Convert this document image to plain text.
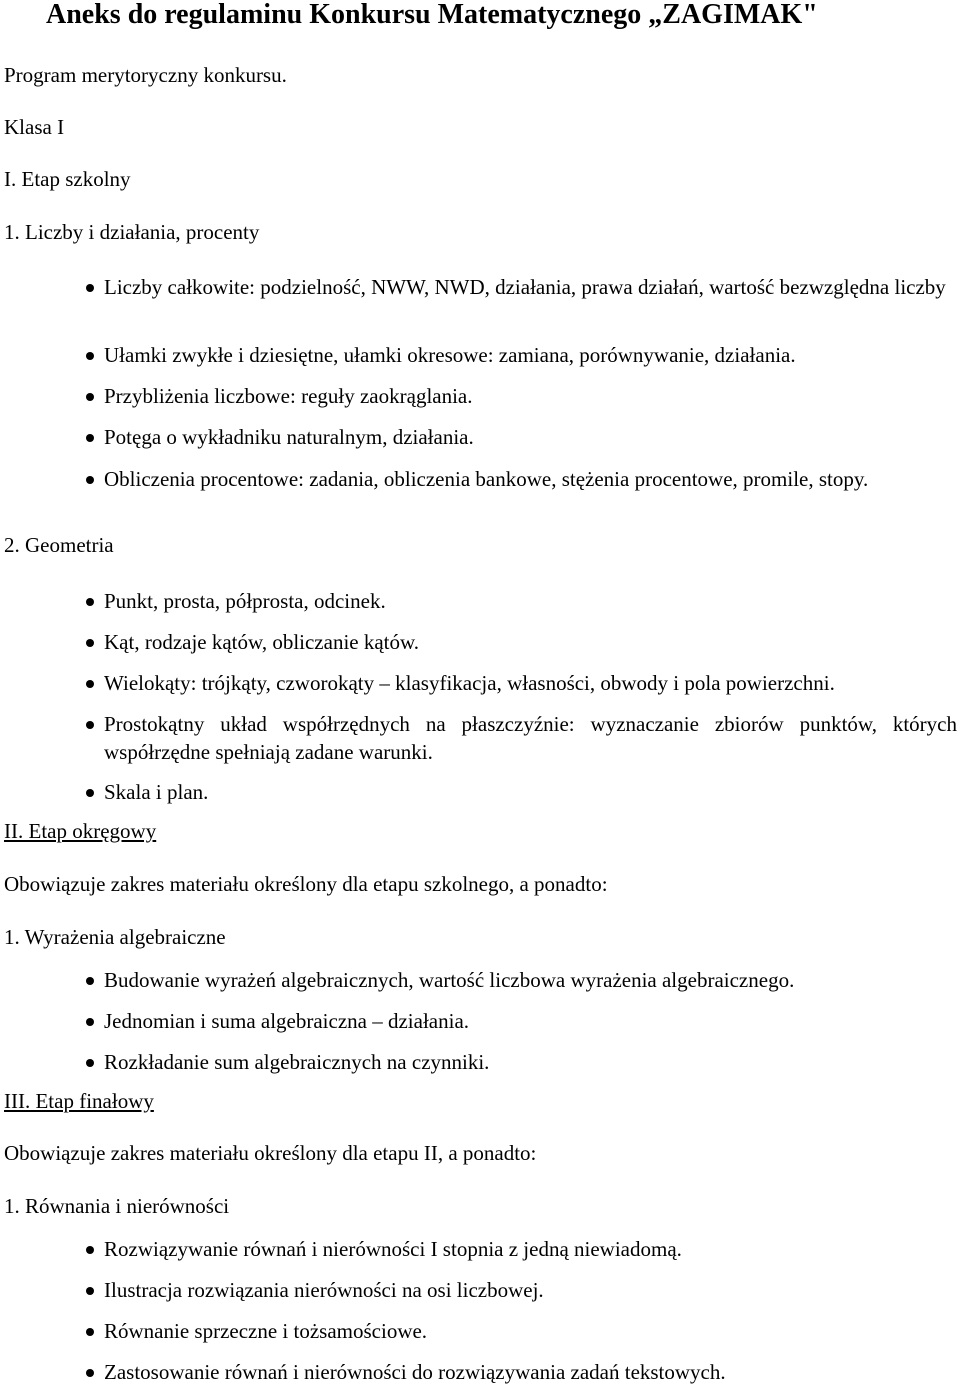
Aneks do regulaminu Konkursu Matematycznego „ZAGIMAK"
Program merytoryczny konkursu.
Klasa I
I. Etap szkolny
1. Liczby i działania, procenty
Liczby całkowite: podzielność, NWW, NWD, działania, prawa działań, wartość bezwzględna liczby
Ułamki zwykłe i dziesiętne, ułamki okresowe: zamiana, porównywanie, działania.
Przybliżenia liczbowe: reguły zaokrąglania.
Potęga o wykładniku naturalnym, działania.
Obliczenia procentowe: zadania, obliczenia bankowe, stężenia procentowe, promile, stopy.
2. Geometria
Punkt, prosta, półprosta, odcinek.
Kąt, rodzaje kątów, obliczanie kątów.
Wielokąty: trójkąty, czworokąty – klasyfikacja, własności, obwody i pola powierzchni.
Prostokątny układ współrzędnych na płaszczyźnie: wyznaczanie zbiorów punktów, których współrzędne spełniają zadane warunki.
Skala i plan.
II. Etap okręgowy
Obowiązuje zakres materiału określony dla etapu szkolnego, a ponadto:
1. Wyrażenia algebraiczne
Budowanie wyrażeń algebraicznych, wartość liczbowa wyrażenia algebraicznego.
Jednomian i suma algebraiczna – działania.
Rozkładanie sum algebraicznych na czynniki.
III. Etap finałowy
Obowiązuje zakres materiału określony dla etapu II, a ponadto:
1. Równania i nierówności
Rozwiązywanie równań i nierówności I stopnia z jedną niewiadomą.
Ilustracja rozwiązania nierówności na osi liczbowej.
Równanie sprzeczne i tożsamościowe.
Zastosowanie równań i nierówności do rozwiązywania zadań tekstowych.
